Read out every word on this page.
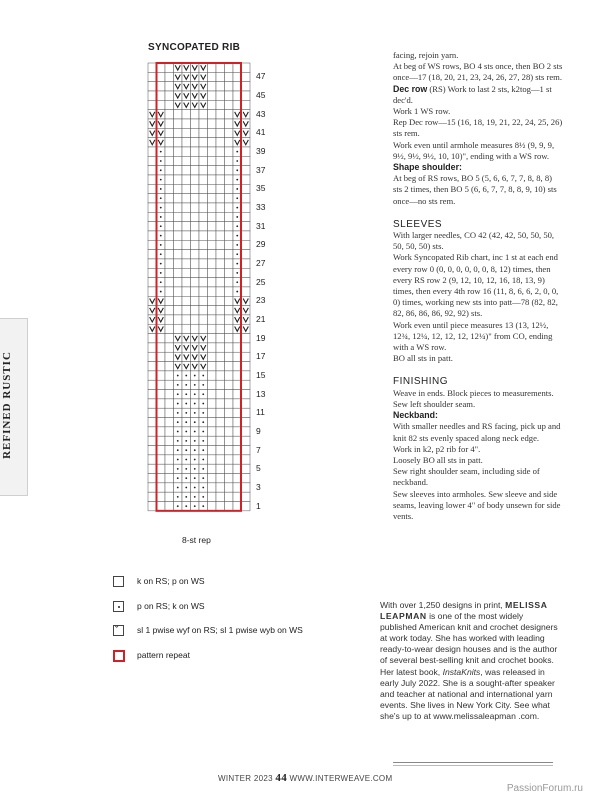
REFINED RUSTIC
SYNCOPATED RIB
47
45
43
41
39
37
35
33
31
29
27
25
23
21
19
17
15
13
11
9
7
5
3
1
8-st rep
k on RS; p on WS
p on RS; k on WS
ˇ sl 1 pwise wyf on RS; sl 1 pwise wyb on WS
pattern repeat

facing, rejoin yarn.

At beg of WS rows, BO 4 sts once, then BO 2 sts once—17 (18, 20, 21, 23, 24, 26, 27, 28) sts rem.

Dec row (RS) Work to last 2 sts, k2tog—1 st dec'd.

Work 1 WS row.

Rep Dec row—15 (16, 18, 19, 21, 22, 24, 25, 26) sts rem.

Work even until armhole measures 8½ (9, 9, 9, 9½, 9½, 9½, 10, 10)", ending with a WS row.

Shape shoulder:

At beg of RS rows, BO 5 (5, 6, 6, 7, 7, 8, 8, 8) sts 2 times, then BO 5 (6, 6, 7, 7, 8, 8, 9, 10) sts once—no sts rem.

SLEEVES

With larger needles, CO 42 (42, 42, 50, 50, 50, 50, 50, 50) sts.

Work Syncopated Rib chart, inc 1 st at each end every row 0 (0, 0, 0, 0, 0, 0, 8, 12) times, then every RS row 2 (9, 12, 10, 12, 16, 18, 13, 9) times, then every 4th row 16 (11, 8, 6, 6, 2, 0, 0, 0) times, working new sts into patt—78 (82, 82, 82, 86, 86, 86, 92, 92) sts.

Work even until piece measures 13 (13, 12½, 12¾, 12¼, 12, 12, 12, 12¼)" from CO, ending with a WS row.

BO all sts in patt.

FINISHING

Weave in ends. Block pieces to measurements. Sew left shoulder seam.

Neckband:

With smaller needles and RS facing, pick up and knit 82 sts evenly spaced along neck edge.

Work in k2, p2 rib for 4".

Loosely BO all sts in patt.

Sew right shoulder seam, including side of neckband.

Sew sleeves into armholes. Sew sleeve and side seams, leaving lower 4" of body unsewn for side vents.

With over 1,250 designs in print, MELISSA LEAPMAN is one of the most widely published American knit and crochet designers at work today. She has worked with leading ready-to-wear design houses and is the author of several best-selling knit and crochet books. Her latest book, InstaKnits, was released in early July 2022. She is a sought-after speaker and teacher at national and international yarn events. She lives in New York City. See what she's up to at www.melissaleapman .com.

WINTER 2023 44 WWW.INTERWEAVE.COM
PassionForum.ru
